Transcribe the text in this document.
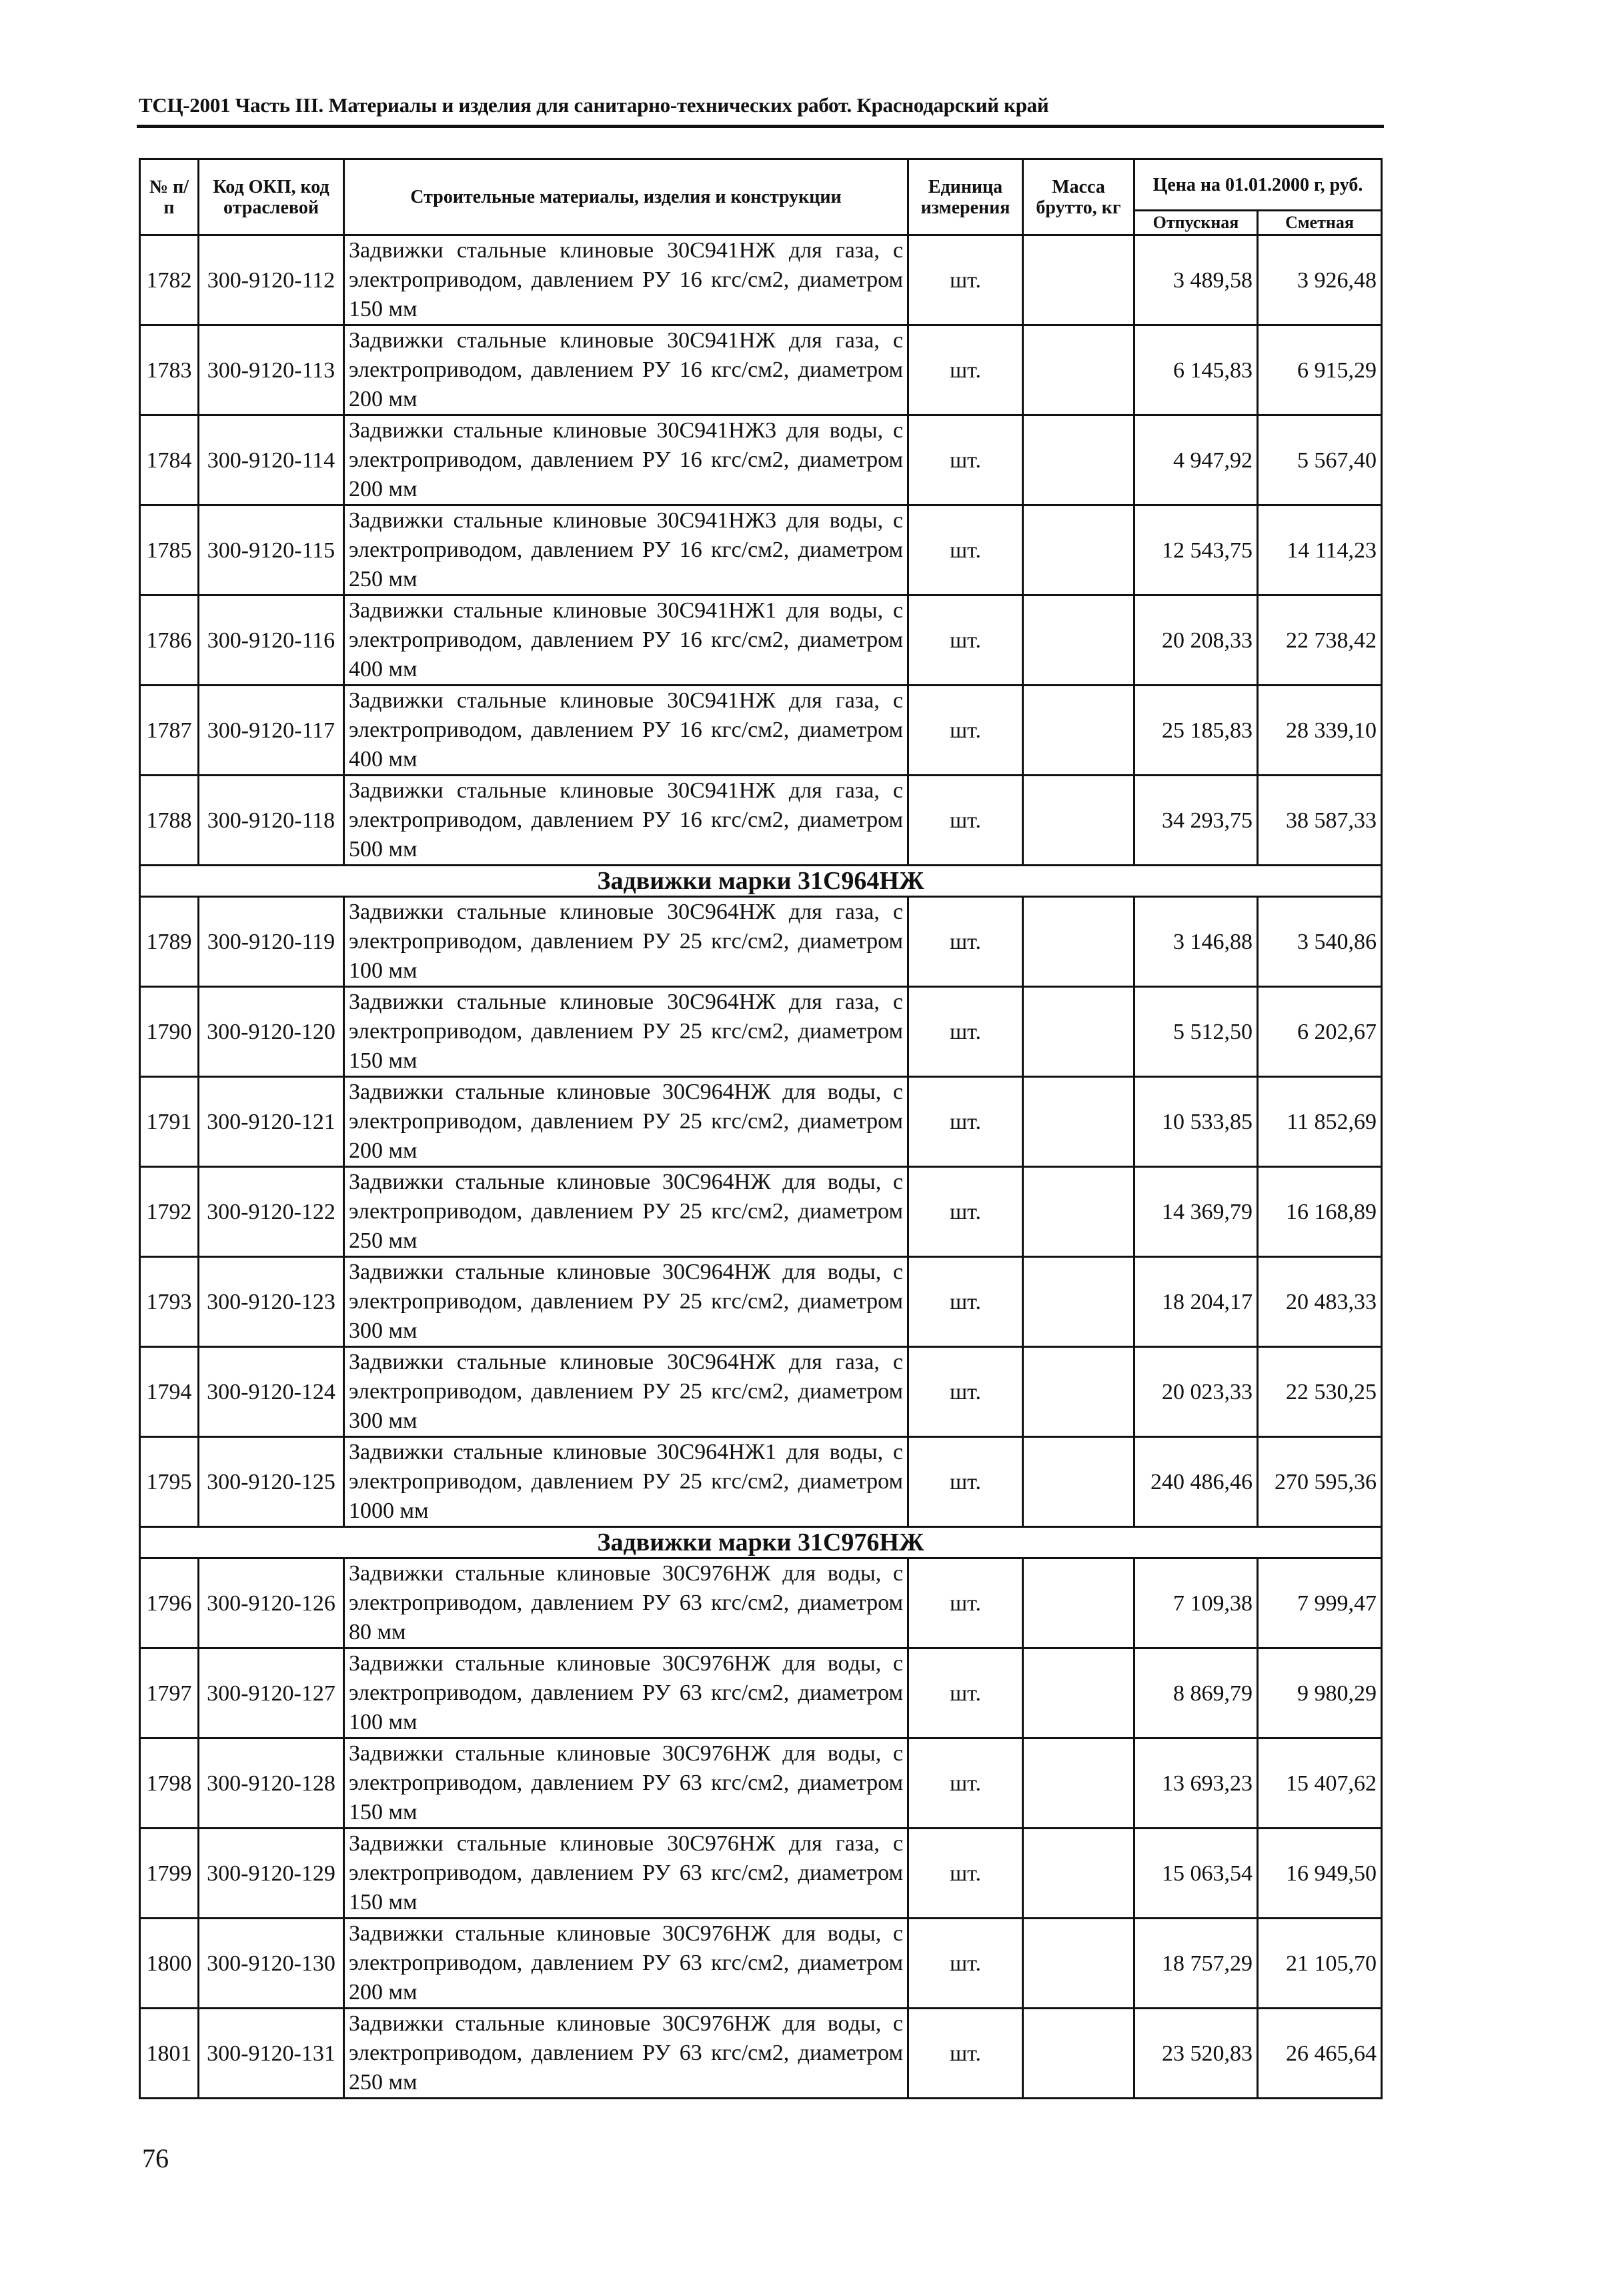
ТСЦ-2001 Часть III. Материалы и изделия для санитарно-технических работ. Краснодарский край
№ п/п	Код ОКП, код отраслевой	Строительные материалы, изделия и конструкции	Единица измерения	Масса брутто, кг	Цена на 01.01.2000 г, руб.	
					Отпускная	Сметная
1782	300-9120-112	Задвижки стальные клиновые 30С941НЖ для газа, с электроприводом, давлением РУ 16 кгс/см2, диаметром 150 мм	шт.		3 489,58	3 926,48
1783	300-9120-113	Задвижки стальные клиновые 30С941НЖ для газа, с электроприводом, давлением РУ 16 кгс/см2, диаметром 200 мм	шт.		6 145,83	6 915,29
1784	300-9120-114	Задвижки стальные клиновые 30С941НЖ3 для воды, с электроприводом, давлением РУ 16 кгс/см2, диаметром 200 мм	шт.		4 947,92	5 567,40
1785	300-9120-115	Задвижки стальные клиновые 30С941НЖ3 для воды, с электроприводом, давлением РУ 16 кгс/см2, диаметром 250 мм	шт.		12 543,75	14 114,23
1786	300-9120-116	Задвижки стальные клиновые 30С941НЖ1 для воды, с электроприводом, давлением РУ 16 кгс/см2, диаметром 400 мм	шт.		20 208,33	22 738,42
1787	300-9120-117	Задвижки стальные клиновые 30С941НЖ для газа, с электроприводом, давлением РУ 16 кгс/см2, диаметром 400 мм	шт.		25 185,83	28 339,10
1788	300-9120-118	Задвижки стальные клиновые 30С941НЖ для газа, с электроприводом, давлением РУ 16 кгс/см2, диаметром 500 мм	шт.		34 293,75	38 587,33
Задвижки марки 31С964НЖ						
1789	300-9120-119	Задвижки стальные клиновые 30С964НЖ для газа, с электроприводом, давлением РУ 25 кгс/см2, диаметром 100 мм	шт.		3 146,88	3 540,86
1790	300-9120-120	Задвижки стальные клиновые 30С964НЖ для газа, с электроприводом, давлением РУ 25 кгс/см2, диаметром 150 мм	шт.		5 512,50	6 202,67
1791	300-9120-121	Задвижки стальные клиновые 30С964НЖ для воды, с электроприводом, давлением РУ 25 кгс/см2, диаметром 200 мм	шт.		10 533,85	11 852,69
1792	300-9120-122	Задвижки стальные клиновые 30С964НЖ для воды, с электроприводом, давлением РУ 25 кгс/см2, диаметром 250 мм	шт.		14 369,79	16 168,89
1793	300-9120-123	Задвижки стальные клиновые 30С964НЖ для воды, с электроприводом, давлением РУ 25 кгс/см2, диаметром 300 мм	шт.		18 204,17	20 483,33
1794	300-9120-124	Задвижки стальные клиновые 30С964НЖ для газа, с электроприводом, давлением РУ 25 кгс/см2, диаметром 300 мм	шт.		20 023,33	22 530,25
1795	300-9120-125	Задвижки стальные клиновые 30С964НЖ1 для воды, с электроприводом, давлением РУ 25 кгс/см2, диаметром 1000 мм	шт.		240 486,46	270 595,36
Задвижки марки 31С976НЖ						
1796	300-9120-126	Задвижки стальные клиновые 30С976НЖ для воды, с электроприводом, давлением РУ 63 кгс/см2, диаметром 80 мм	шт.		7 109,38	7 999,47
1797	300-9120-127	Задвижки стальные клиновые 30С976НЖ для воды, с электроприводом, давлением РУ 63 кгс/см2, диаметром 100 мм	шт.		8 869,79	9 980,29
1798	300-9120-128	Задвижки стальные клиновые 30С976НЖ для воды, с электроприводом, давлением РУ 63 кгс/см2, диаметром 150 мм	шт.		13 693,23	15 407,62
1799	300-9120-129	Задвижки стальные клиновые 30С976НЖ для газа, с электроприводом, давлением РУ 63 кгс/см2, диаметром 150 мм	шт.		15 063,54	16 949,50
1800	300-9120-130	Задвижки стальные клиновые 30С976НЖ для воды, с электроприводом, давлением РУ 63 кгс/см2, диаметром 200 мм	шт.		18 757,29	21 105,70
1801	300-9120-131	Задвижки стальные клиновые 30С976НЖ для воды, с электроприводом, давлением РУ 63 кгс/см2, диаметром 250 мм	шт.		23 520,83	26 465,64
76
